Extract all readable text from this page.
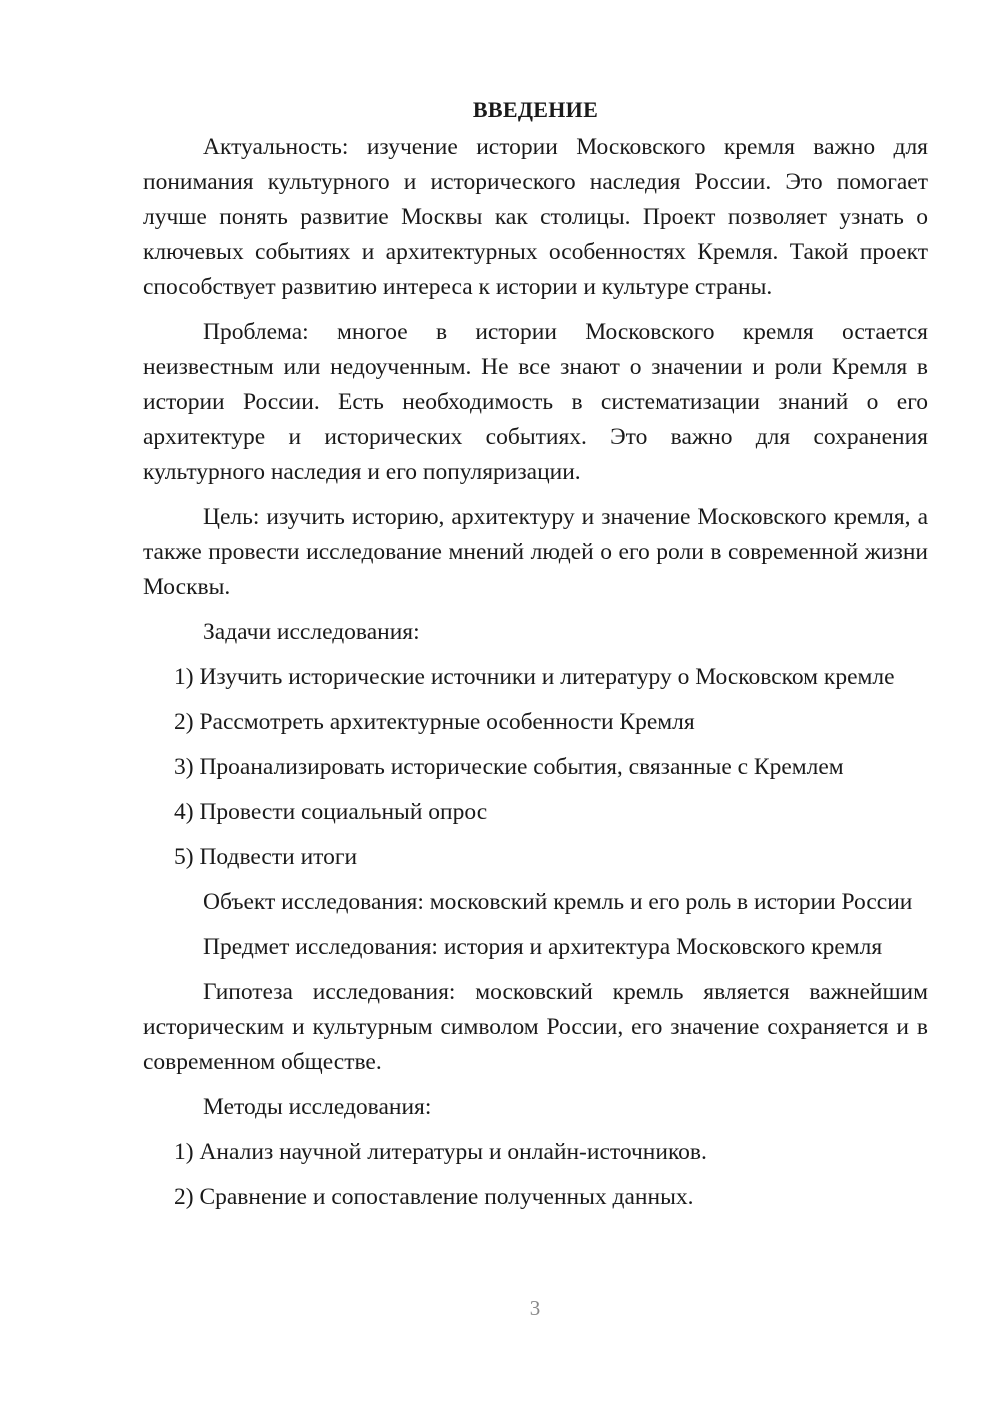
ВВЕДЕНИЕ

Актуальность: изучение истории Московского кремля важно для понимания культурного и исторического наследия России. Это помогает лучше понять развитие Москвы как столицы. Проект позволяет узнать о ключевых событиях и архитектурных особенностях Кремля. Такой проект способствует развитию интереса к истории и культуре страны.

Проблема: многое в истории Московского кремля остается неизвестным или недоученным. Не все знают о значении и роли Кремля в истории России. Есть необходимость в систематизации знаний о его архитектуре и исторических событиях. Это важно для сохранения культурного наследия и его популяризации.

Цель: изучить историю, архитектуру и значение Московского кремля, а также провести исследование мнений людей о его роли в современной жизни Москвы.

Задачи исследования:

1) Изучить исторические источники и литературу о Московском кремле

2) Рассмотреть архитектурные особенности Кремля

3) Проанализировать исторические события, связанные с Кремлем

4) Провести социальный опрос

5) Подвести итоги

Объект исследования: московский кремль и его роль в истории России

Предмет исследования: история и архитектура Московского кремля

Гипотеза исследования: московский кремль является важнейшим историческим и культурным символом России, его значение сохраняется и в современном обществе.

Методы исследования:

1) Анализ научной литературы и онлайн-источников.

2) Сравнение и сопоставление полученных данных.

3
